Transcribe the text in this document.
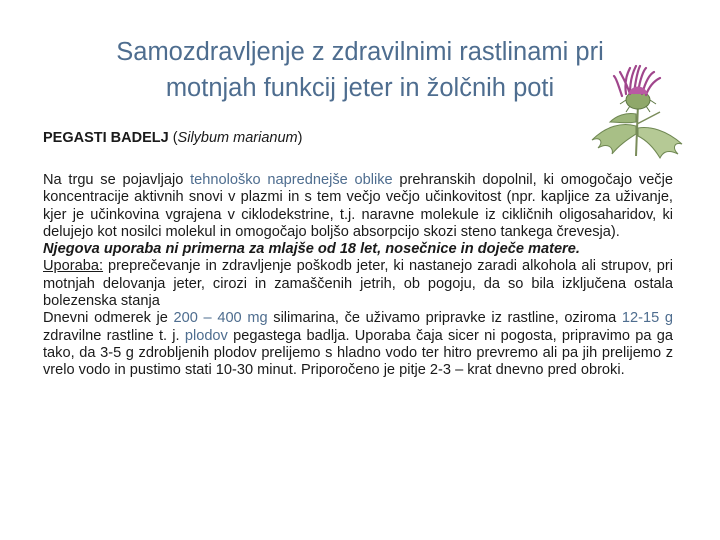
Samozdravljenje z zdravilnimi rastlinami pri
motnjah funkcij jeter in žolčnih poti
PEGASTI BADELJ (Silybum marianum)

Na trgu se pojavljajo tehnološko naprednejše oblike prehranskih dopolnil, ki omogočajo večje koncentracije aktivnih snovi v plazmi in s tem večjo večjo učinkovitost (npr. kapljice za uživanje, kjer je učinkovina vgrajena v ciklodekstrine, t.j. naravne molekule iz cikličnih oligosaharidov, ki delujejo kot nosilci molekul in omogočajo boljšo absorpcijo skozi steno tankega črevesja).

Njegova uporaba ni primerna za mlajše od 18 let, nosečnice in doječe matere.

Uporaba: preprečevanje in zdravljenje poškodb jeter, ki nastanejo zaradi alkohola ali strupov, pri motnjah delovanja jeter, cirozi in zamaščenih jetrih, ob pogoju, da so bila izključena ostala bolezenska stanja

Dnevni odmerek je 200 – 400 mg silimarina, če uživamo pripravke iz rastline, oziroma 12-15 g zdravilne rastline t. j. plodov pegastega badlja. Uporaba čaja sicer ni pogosta, pripravimo pa ga tako, da 3-5 g zdrobljenih plodov prelijemo s hladno vodo ter hitro prevremo ali pa jih prelijemo z vrelo vodo in pustimo stati 10-30 minut. Priporočeno je pitje 2-3 – krat dnevno pred obroki.
